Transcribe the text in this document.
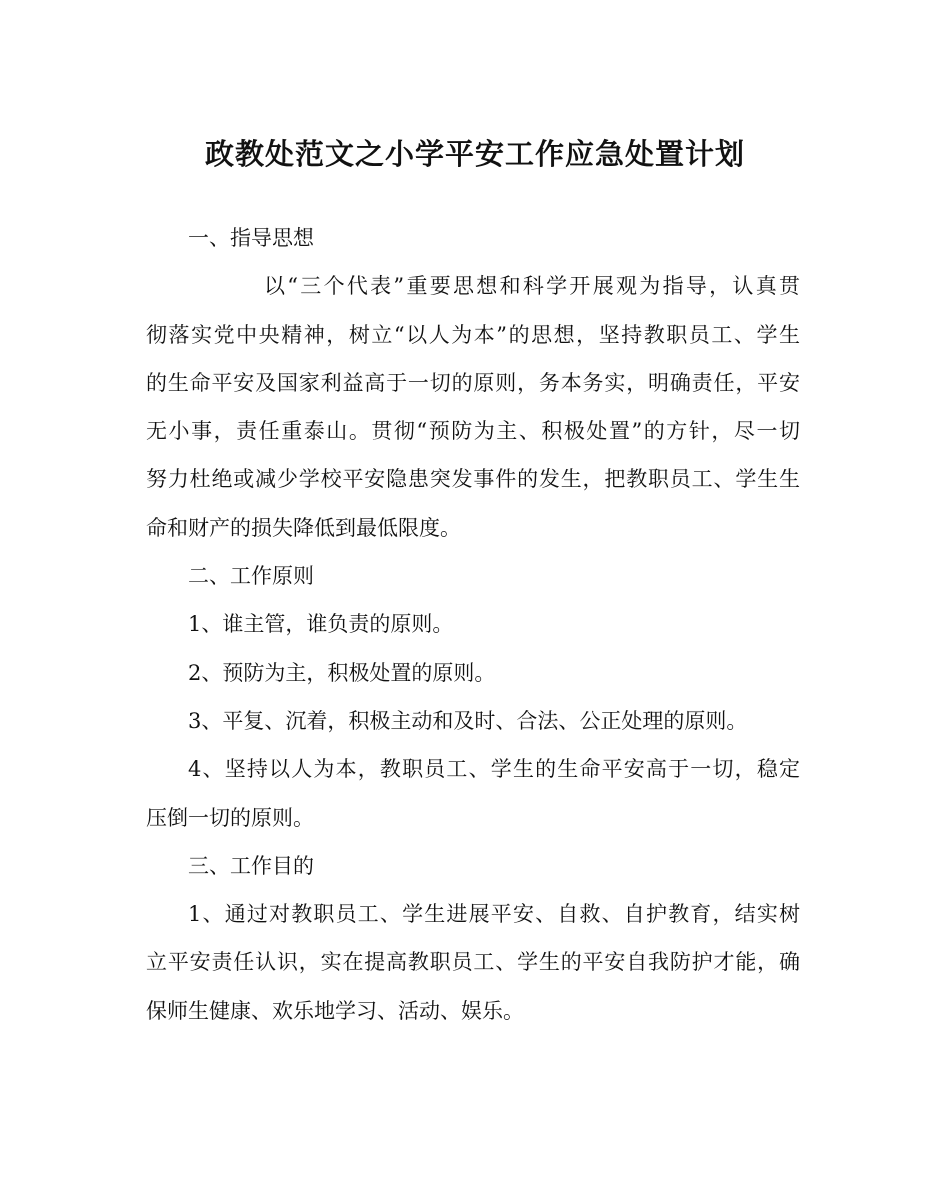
政教处范文之小学平安工作应急处置计划
一、指导思想
以“三个代表”重要思想和科学开展观为指导，认真贯
彻落实党中央精神，树立“以人为本”的思想，坚持教职员工、学生
的生命平安及国家利益高于一切的原则，务本务实，明确责任，平安
无小事，责任重泰山。贯彻“预防为主、积极处置”的方针，尽一切
努力杜绝或减少学校平安隐患突发事件的发生，把教职员工、学生生
命和财产的损失降低到最低限度。
二、工作原则
1、谁主管，谁负责的原则。
2、预防为主，积极处置的原则。
3、平复、沉着，积极主动和及时、合法、公正处理的原则。
4、坚持以人为本，教职员工、学生的生命平安高于一切，稳定
压倒一切的原则。
三、工作目的
1、通过对教职员工、学生进展平安、自救、自护教育，结实树
立平安责任认识，实在提高教职员工、学生的平安自我防护才能，确
保师生健康、欢乐地学习、活动、娱乐。
